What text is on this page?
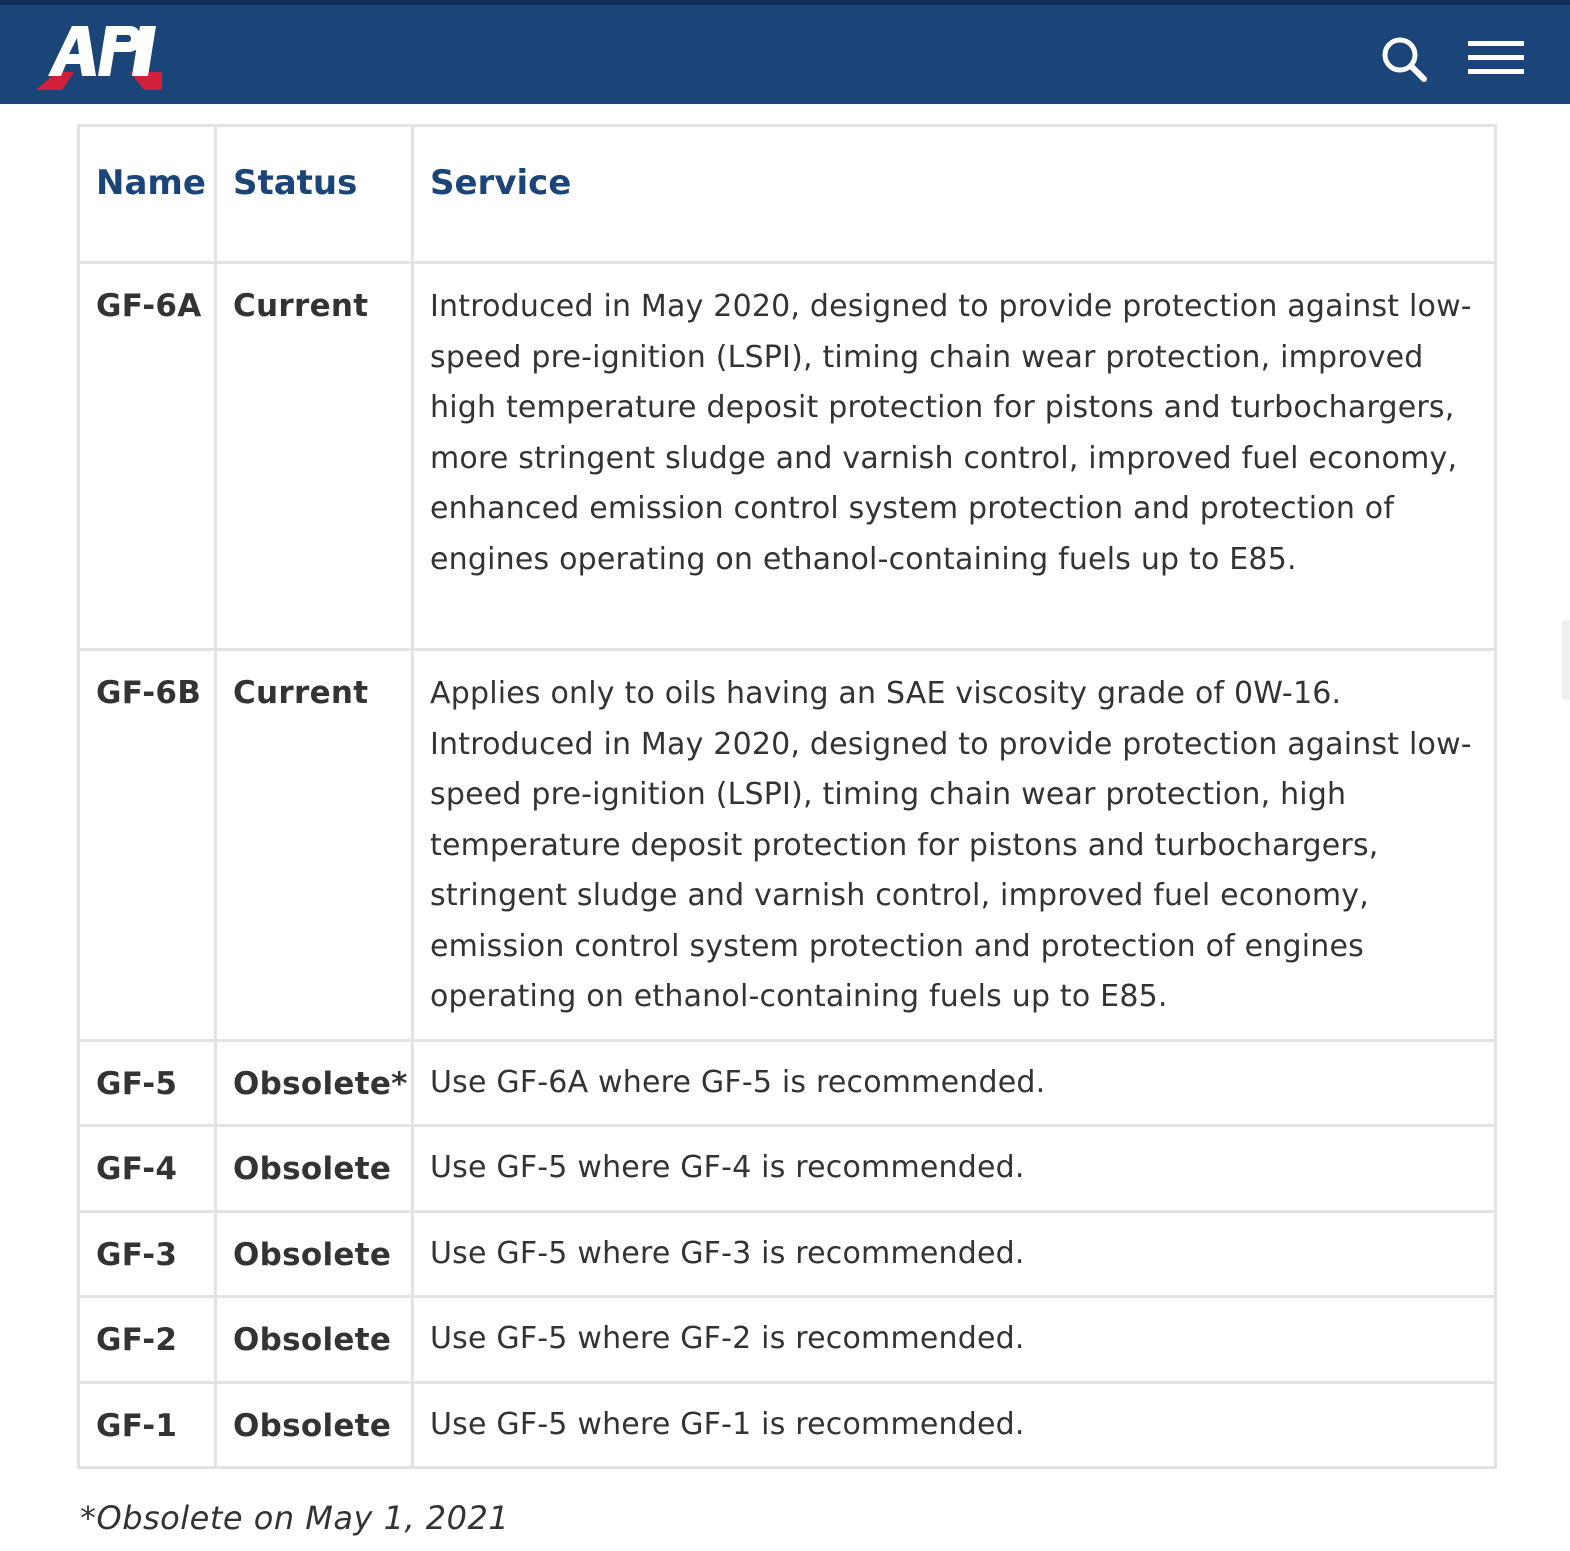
Name	Status	Service
GF-6A	Current	Introduced in May 2020, designed to provide protection against low-speed pre-ignition (LSPI), timing chain wear protection, improved high temperature deposit protection for pistons and turbochargers, more stringent sludge and varnish control, improved fuel economy, enhanced emission control system protection and protection of engines operating on ethanol-containing fuels up to E85.
GF-6B	Current	Applies only to oils having an SAE viscosity grade of 0W-16. Introduced in May 2020, designed to provide protection against low-speed pre-ignition (LSPI), timing chain wear protection, high temperature deposit protection for pistons and turbochargers, stringent sludge and varnish control, improved fuel economy, emission control system protection and protection of engines operating on ethanol-containing fuels up to E85.
GF-5	Obsolete*	Use GF-6A where GF-5 is recommended.
GF-4	Obsolete	Use GF-5 where GF-4 is recommended.
GF-3	Obsolete	Use GF-5 where GF-3 is recommended.
GF-2	Obsolete	Use GF-5 where GF-2 is recommended.
GF-1	Obsolete	Use GF-5 where GF-1 is recommended.
*Obsolete on May 1, 2021
